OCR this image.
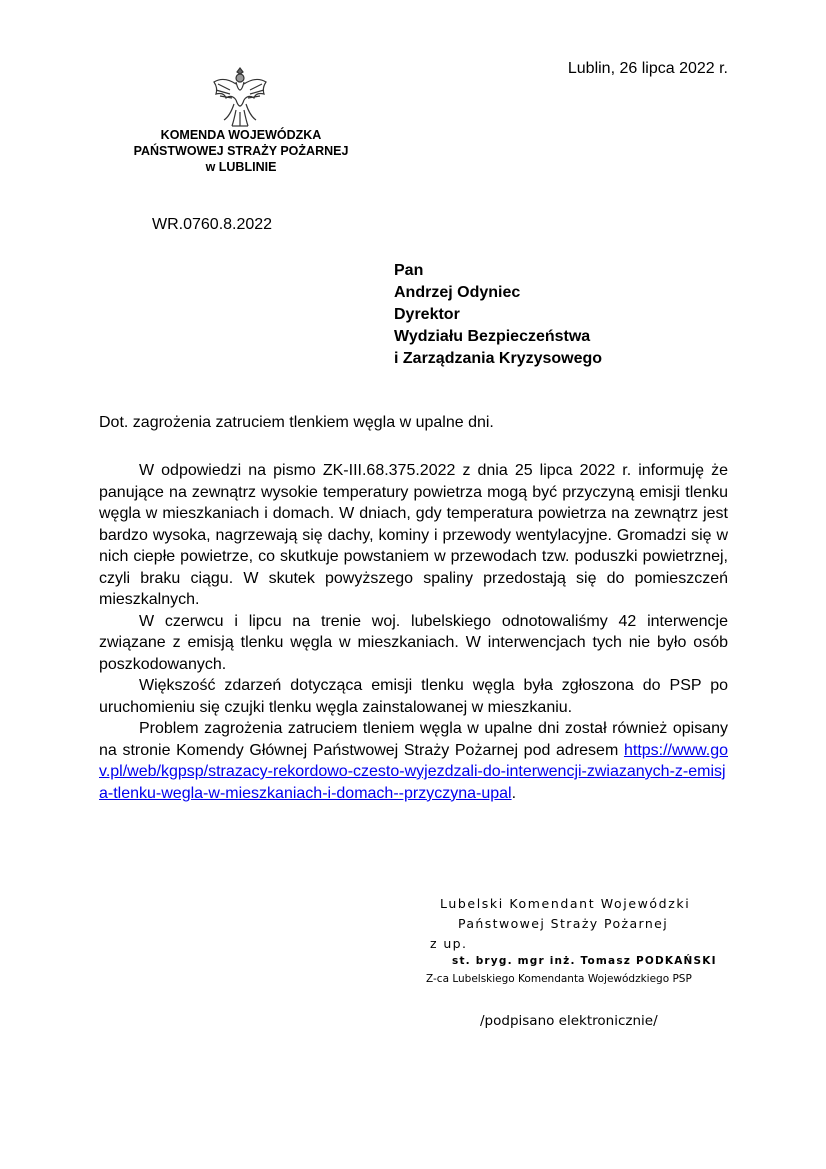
Lublin, 26 lipca 2022 r.
KOMENDA WOJEWÓDZKA
PAŃSTWOWEJ STRAŻY POŻARNEJ
w LUBLINIE
WR.0760.8.2022
Pan
Andrzej Odyniec
Dyrektor
Wydziału Bezpieczeństwa
i Zarządzania Kryzysowego
Dot. zagrożenia zatruciem tlenkiem węgla w upalne dni.

W odpowiedzi na pismo ZK-III.68.375.2022 z dnia 25 lipca 2022 r. informuję że panujące na zewnątrz wysokie temperatury powietrza mogą być przyczyną emisji tlenku węgla w mieszkaniach i domach. W dniach, gdy temperatura powietrza na zewnątrz jest bardzo wysoka, nagrzewają się dachy, kominy i przewody wentylacyjne. Gromadzi się w nich ciepłe powietrze, co skutkuje powstaniem w przewodach tzw. poduszki powietrznej, czyli braku ciągu. W skutek powyższego spaliny przedostają się do pomieszczeń mieszkalnych.

W czerwcu i lipcu na trenie woj. lubelskiego odnotowaliśmy 42 interwencje związane z emisją tlenku węgla w mieszkaniach. W interwencjach tych nie było osób poszkodowanych.

Większość zdarzeń dotycząca emisji tlenku węgla była zgłoszona do PSP po uruchomieniu się czujki tlenku węgla zainstalowanej w mieszkaniu.

Problem zagrożenia zatruciem tleniem węgla w upalne dni został również opisany na stronie Komendy Głównej Państwowej Straży Pożarnej pod adresem https://www.gov.pl/web/kgpsp/strazacy-rekordowo-czesto-wyjezdzali-do-interwencji-zwiazanych-z-emisja-tlenku-wegla-w-mieszkaniach-i-domach--przyczyna-upal.

Lubelski Komendant Wojewódzki
Państwowej Straży Pożarnej
z up.
st. bryg. mgr inż. Tomasz PODKAŃSKI
Z-ca Lubelskiego Komendanta Wojewódzkiego PSP
/podpisano elektronicznie/
